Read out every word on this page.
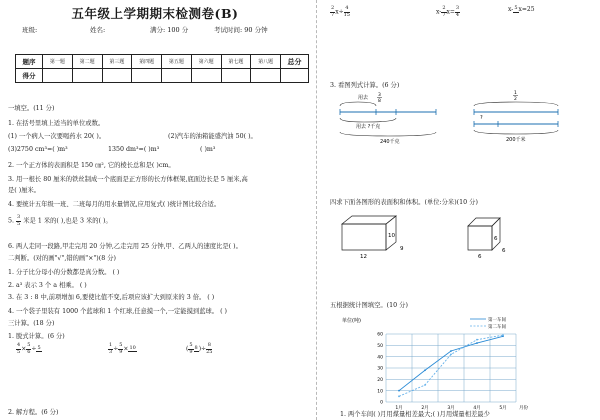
五年级上学期期末检测卷(B)
班级:	姓名:	满分: 100 分	考试时间: 90 分钟
题序	第一题	第二题	第三题	第四题	第五题	第六题	第七题	第八题	总分
得分									
一填空。(11 分)
1. 在括号里填上适当的单位或数。
(1) 一个病人一次要喝药水 20( )。	(2)汽车的油箱能盛汽油 50( )。
(3)2750 cm³=( )m³	1350 dm³=( )m³	( )m³
2. 一个正方体的表面积是 150 ㎝², 它的棱长总和是( )cm。
3. 用一根长 80 厘米的铁丝制成一个底面是正方形的长方体框架,底面边长是 5 厘米,高
是( )厘米。
4. 要统计五年级一班、二班每月的用水量情况,应用复式( )统计图比较合适。
5. $\frac{3}{5}$ 米是 1 米的( ),也是 3 米的( )。
6. 两人走同一段路,甲走完用 20 分钟,乙走完用 25 分钟,甲、乙两人的速度比是( )。
二判断。(对的画"√",错的画"×")(8 分)
1. 分子比分母小的分数都是真分数。 ( )
2. a³ 表示 3 个 a 相乘。 ( )
3. 在 3 : 8 中,前项增加 6,要使比值不变,后项应该扩大到原来的 3 倍。 ( )
4. 一个袋子里装有 1000 个蓝球和 1 个红球,任意摸一个,一定能摸到蓝球。 ( )
三计算。(18 分)
1. 脱式计算。(6 分)
$\frac{4}{5} \times \frac{5}{6} \div 5$	$\frac{1}{3} \div \frac{5}{9} \times 10$	( $\frac{5}{9} 8$ )÷ $\frac{8}{25}$
2. 解方程。(6 分)
$\frac{2}{7} x\div \frac{4}{15}$	$x- \frac{2}{7} x= \frac{3}{4}$	x- 5 x=25
3. 看图列式计算。(6 分)
用去 3
8
用去 ?千克
240千克
1
2
?
200千米
四求下面各图形的表面积和体积。(单位:分米)(10 分)
10
9
12
6
6
6
五根据统计图填空。(10 分)
单位(吨)	第一车间
第二车间
0
10
20
30
40
50
60
1月	2月	3月	4月	5月	月份
1. 两个车间( )月用煤量相差最大;( )月用煤量相差最少
